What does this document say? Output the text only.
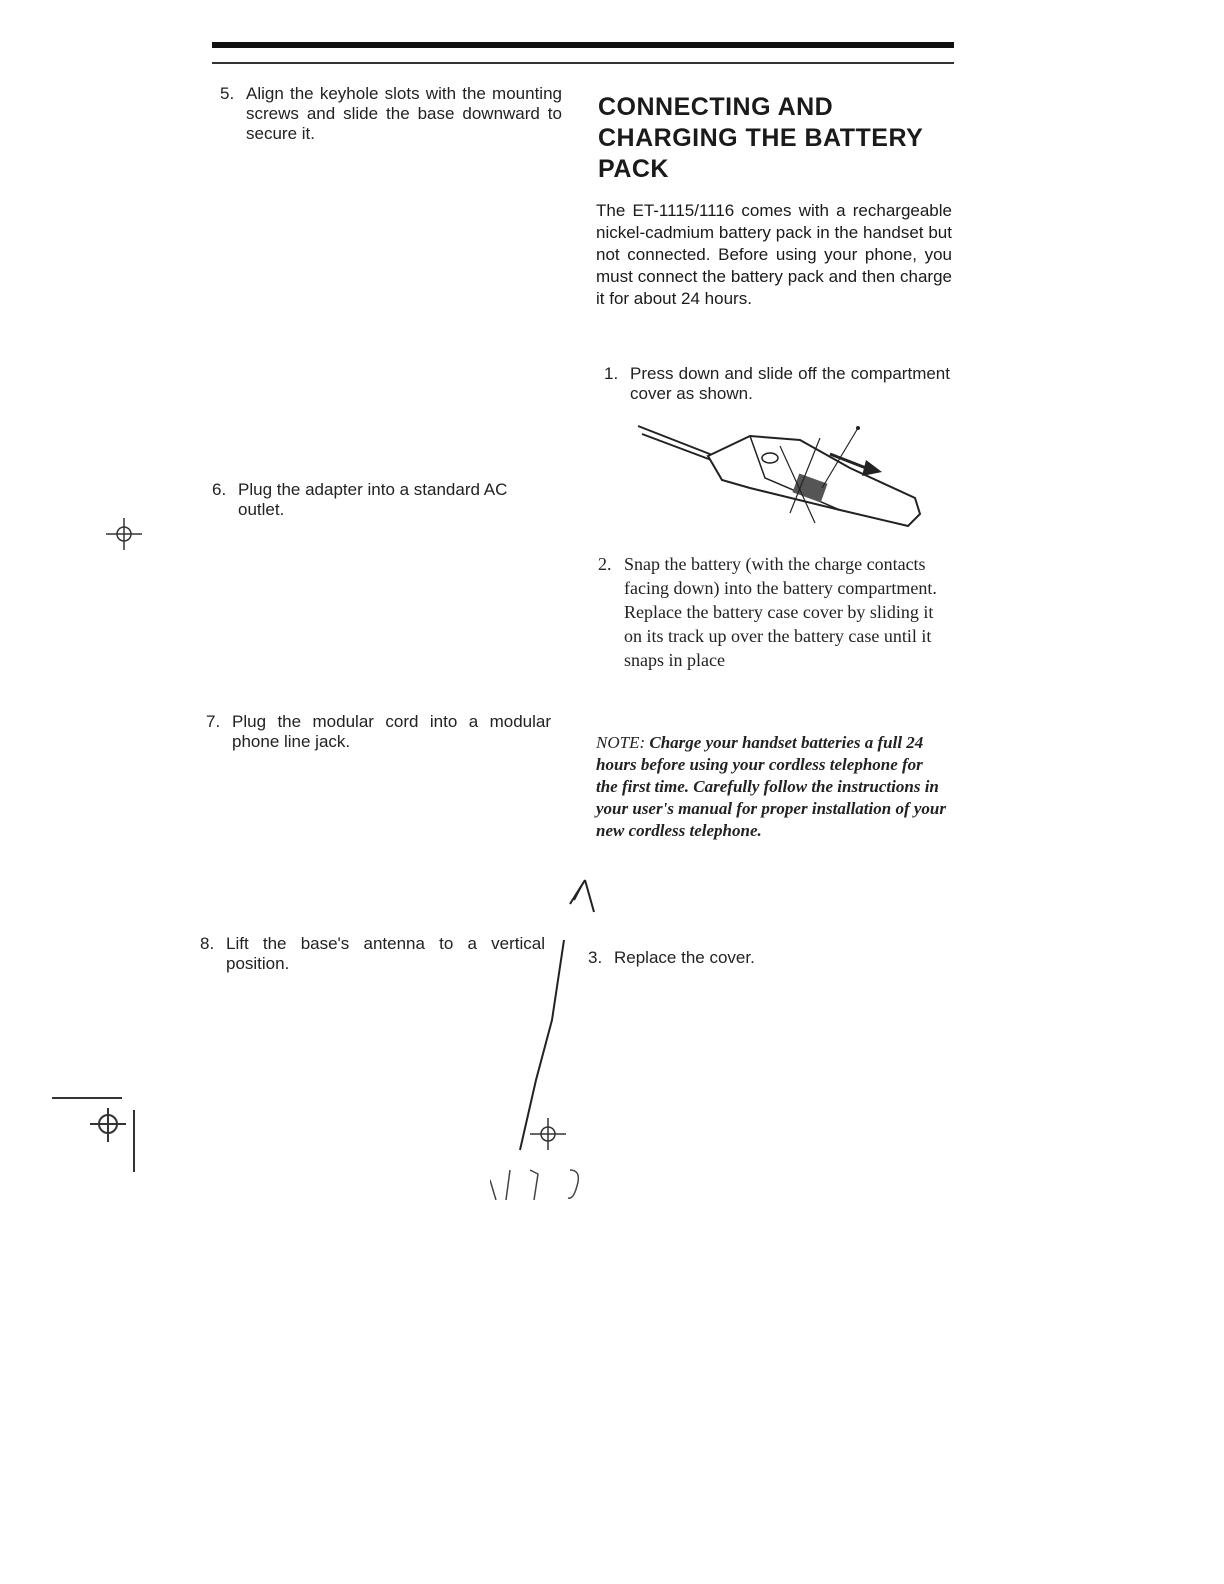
5. Align the keyhole slots with the mounting screws and slide the base downward to secure it.
6. Plug the adapter into a standard AC outlet.
7. Plug the modular cord into a modular phone line jack.
8. Lift the base's antenna to a vertical position.
CONNECTING AND CHARGING THE BATTERY PACK
The ET-1115/1116 comes with a rechargeable nickel-cadmium battery pack in the handset but not connected. Before using your phone, you must connect the battery pack and then charge it for about 24 hours.
1. Press down and slide off the compartment cover as shown.
2. Snap the battery (with the charge contacts facing down) into the battery compartment.
Replace the battery case cover by sliding it on its track up over the battery case until it snaps in place
NOTE: Charge your handset batteries a full 24 hours before using your cordless telephone for the first time. Carefully follow the instructions in your user's manual for proper installation of your new cordless telephone.
3. Replace the cover.
